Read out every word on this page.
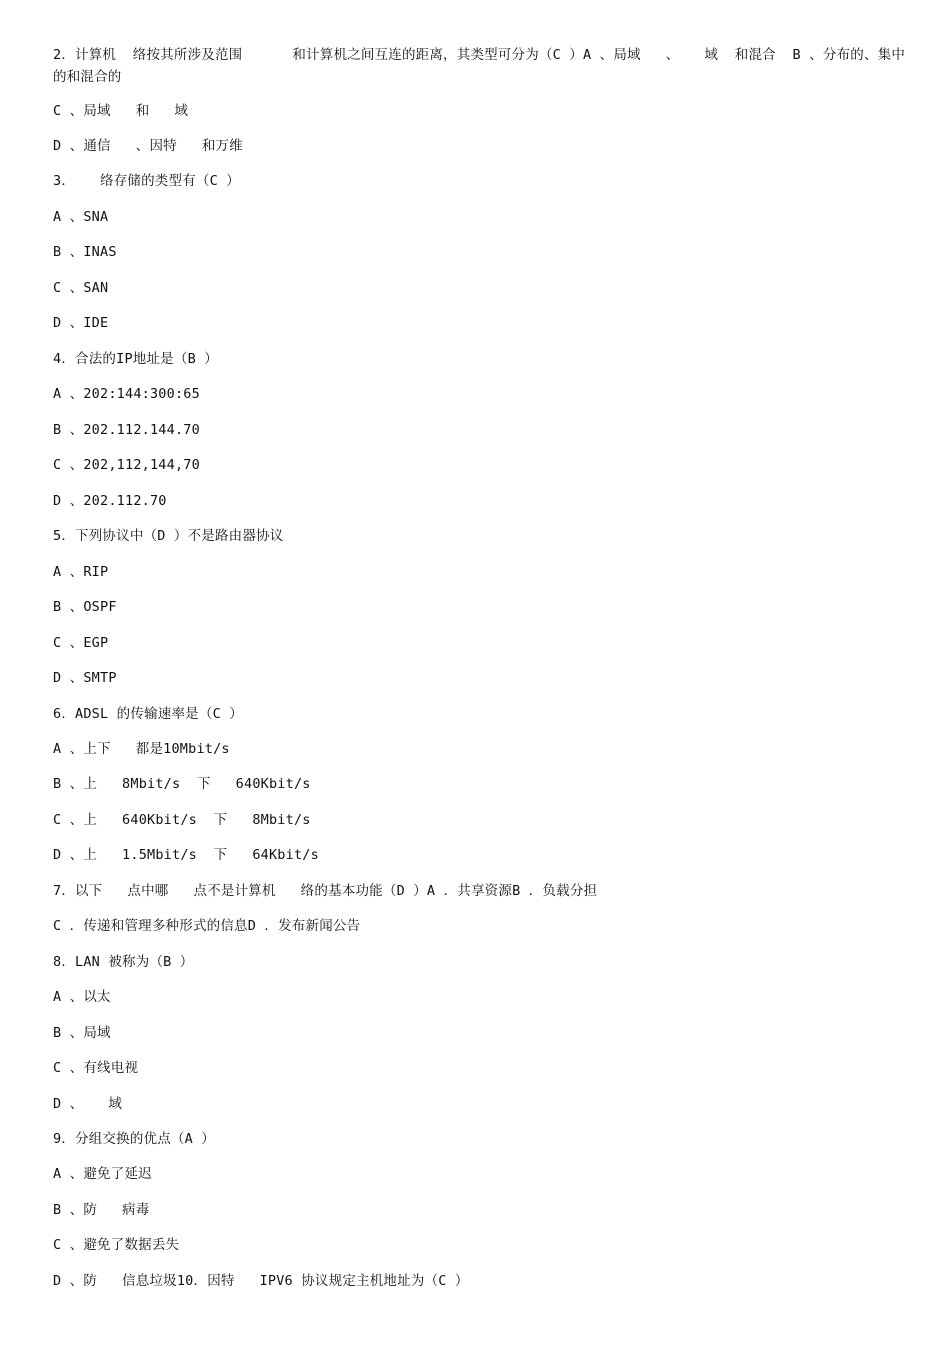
2．计算机  络按其所涉及范围      和计算机之间互连的距离，其类型可分为（C ）A 、局域   、   域  和混合  B 、分布的、集中的和混合的
C 、局域   和   域
D 、通信   、因特   和万维
3．   络存储的类型有（C ）
A 、SNA
B 、INAS
C 、SAN
D 、IDE
4．合法的IP地址是（B ）
A 、202:144:300:65
B 、202.112.144.70
C 、202,112,144,70
D 、202.112.70
5．下列协议中（D ）不是路由器协议
A 、RIP
B 、OSPF
C 、EGP
D 、SMTP
6．ADSL 的传输速率是（C ）
A 、上下   都是10Mbit/s
B 、上   8Mbit/s  下   640Kbit/s
C 、上   640Kbit/s  下   8Mbit/s
D 、上   1.5Mbit/s  下   64Kbit/s
7．以下   点中哪   点不是计算机   络的基本功能（D ）A ．共享资源B ．负载分担
C ．传递和管理多种形式的信息D ．发布新闻公告
8．LAN 被称为（B ）
A 、以太
B 、局域
C 、有线电视
D 、   域
9．分组交换的优点（A ）
A 、避免了延迟
B 、防   病毒
C 、避免了数据丢失
D 、防   信息垃圾10．因特   IPV6 协议规定主机地址为（C ）
